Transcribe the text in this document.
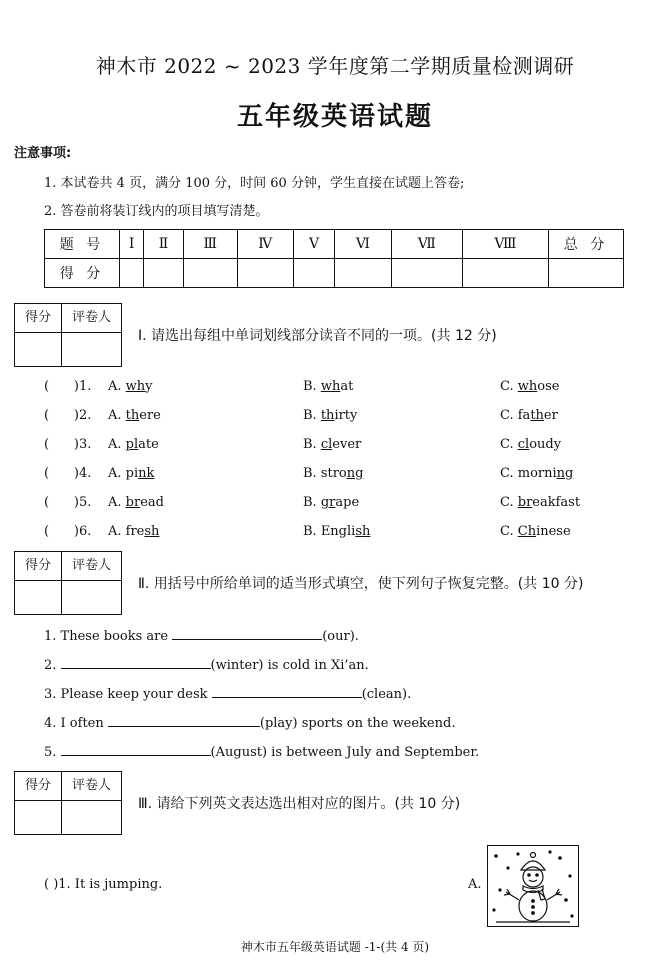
神木市 2022 ~ 2023 学年度第二学期质量检测调研
五年级英语试题
注意事项:
1. 本试卷共 4 页，满分 100 分，时间 60 分钟，学生直接在试题上答卷;
2. 答卷前将装订线内的项目填写清楚。
题 号	Ⅰ	Ⅱ	Ⅲ	Ⅳ	Ⅴ	Ⅵ	Ⅶ	Ⅷ	总 分
得 分									
得分	评卷人
Ⅰ. 请选出每组中单词划线部分读音不同的一项。(共 12 分)
(      )1. A. why	B. what	C. whose
(      )2. A. there	B. thirty	C. father
(      )3. A. plate	B. clever	C. cloudy
(      )4. A. pink	B. strong	C. morning
(      )5. A. bread	B. grape	C. breakfast
(      )6. A. fresh	B. English	C. Chinese
得分	评卷人
Ⅱ. 用括号中所给单词的适当形式填空，使下列句子恢复完整。(共 10 分)
1. These books are	(our).
2.	(winter) is cold in Xi’an.
3. Please keep your desk	(clean).
4. I often	(play) sports on the weekend.
5.	(August) is between July and September.
得分	评卷人
Ⅲ. 请给下列英文表达选出相对应的图片。(共 10 分)
( )1. It is jumping.	A.
神木市五年级英语试题 -1-(共 4 页)
